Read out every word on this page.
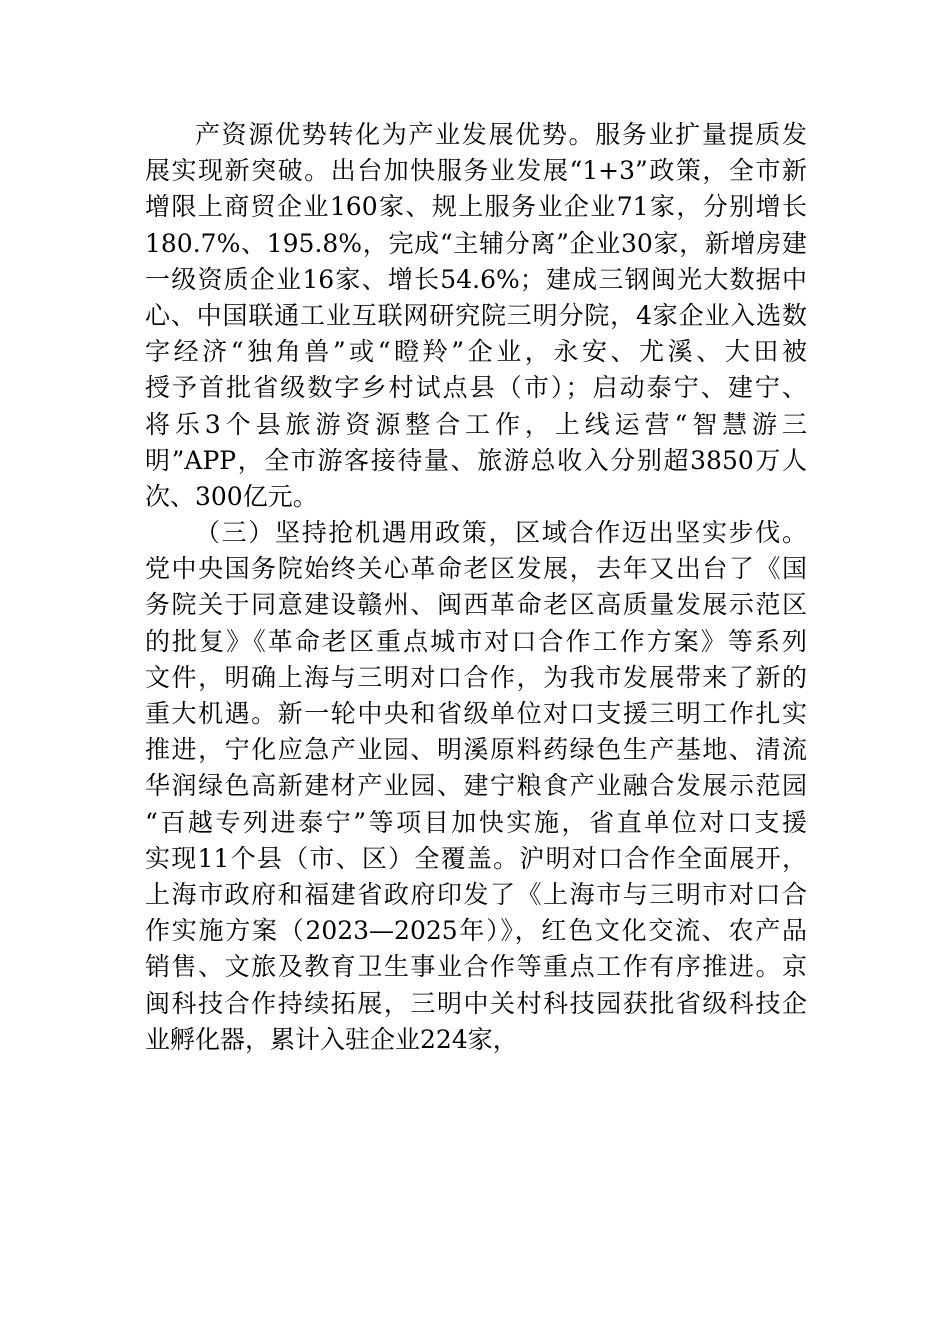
产资源优势转化为产业发展优势。服务业扩量提质发
展实现新突破。出台加快服务业发展“1+3”政策，全市新
增限上商贸企业160家、规上服务业企业71家，分别增长
180.7%、195.8%，完成“主辅分离”企业30家，新增房建
一级资质企业16家、增长54.6%；建成三钢闽光大数据中
心、中国联通工业互联网研究院三明分院，4家企业入选数
字经济“独角兽”或“瞪羚”企业，永安、尤溪、大田被
授予首批省级数字乡村试点县（市）；启动泰宁、建宁、
将乐3个县旅游资源整合工作，上线运营“智慧游三
明”APP，全市游客接待量、旅游总收入分别超3850万人
次、300亿元。
（三）坚持抢机遇用政策，区域合作迈出坚实步伐。
党中央国务院始终关心革命老区发展，去年又出台了《国
务院关于同意建设赣州、闽西革命老区高质量发展示范区
的批复》《革命老区重点城市对口合作工作方案》等系列
文件，明确上海与三明对口合作，为我市发展带来了新的
重大机遇。新一轮中央和省级单位对口支援三明工作扎实
推进，宁化应急产业园、明溪原料药绿色生产基地、清流
华润绿色高新建材产业园、建宁粮食产业融合发展示范园
“百越专列进泰宁”等项目加快实施，省直单位对口支援
实现11个县（市、区）全覆盖。沪明对口合作全面展开，
上海市政府和福建省政府印发了《上海市与三明市对口合
作实施方案（2023—2025年）》，红色文化交流、农产品
销售、文旅及教育卫生事业合作等重点工作有序推进。京
闽科技合作持续拓展，三明中关村科技园获批省级科技企
业孵化器，累计入驻企业224家，
